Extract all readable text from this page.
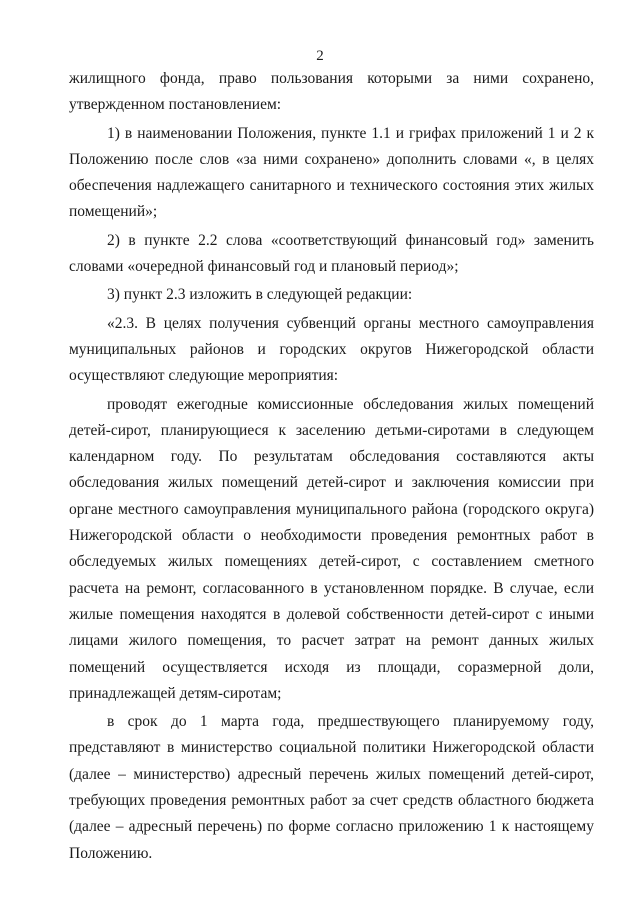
2

жилищного фонда, право пользования которыми за ними сохранено, утвержденном постановлением:

1) в наименовании Положения, пункте 1.1 и грифах приложений 1 и 2 к Положению после слов «за ними сохранено» дополнить словами «, в целях обеспечения надлежащего санитарного и технического состояния этих жилых помещений»;

2) в пункте 2.2 слова «соответствующий финансовый год» заменить словами «очередной финансовый год и плановый период»;

3) пункт 2.3 изложить в следующей редакции:

«2.3. В целях получения субвенций органы местного самоуправления муниципальных районов и городских округов Нижегородской области осуществляют следующие мероприятия:

проводят ежегодные комиссионные обследования жилых помещений детей-сирот, планирующиеся к заселению детьми-сиротами в следующем календарном году. По результатам обследования составляются акты обследования жилых помещений детей-сирот и заключения комиссии при органе местного самоуправления муниципального района (городского округа) Нижегородской области о необходимости проведения ремонтных работ в обследуемых жилых помещениях детей-сирот, с составлением сметного расчета на ремонт, согласованного в установленном порядке. В случае, если жилые помещения находятся в долевой собственности детей-сирот с иными лицами жилого помещения, то расчет затрат на ремонт данных жилых помещений осуществляется исходя из площади, соразмерной доли, принадлежащей детям-сиротам;

в срок до 1 марта года, предшествующего планируемому году, представляют в министерство социальной политики Нижегородской области (далее – министерство) адресный перечень жилых помещений детей-сирот, требующих проведения ремонтных работ за счет средств областного бюджета (далее – адресный перечень) по форме согласно приложению 1 к настоящему Положению.
